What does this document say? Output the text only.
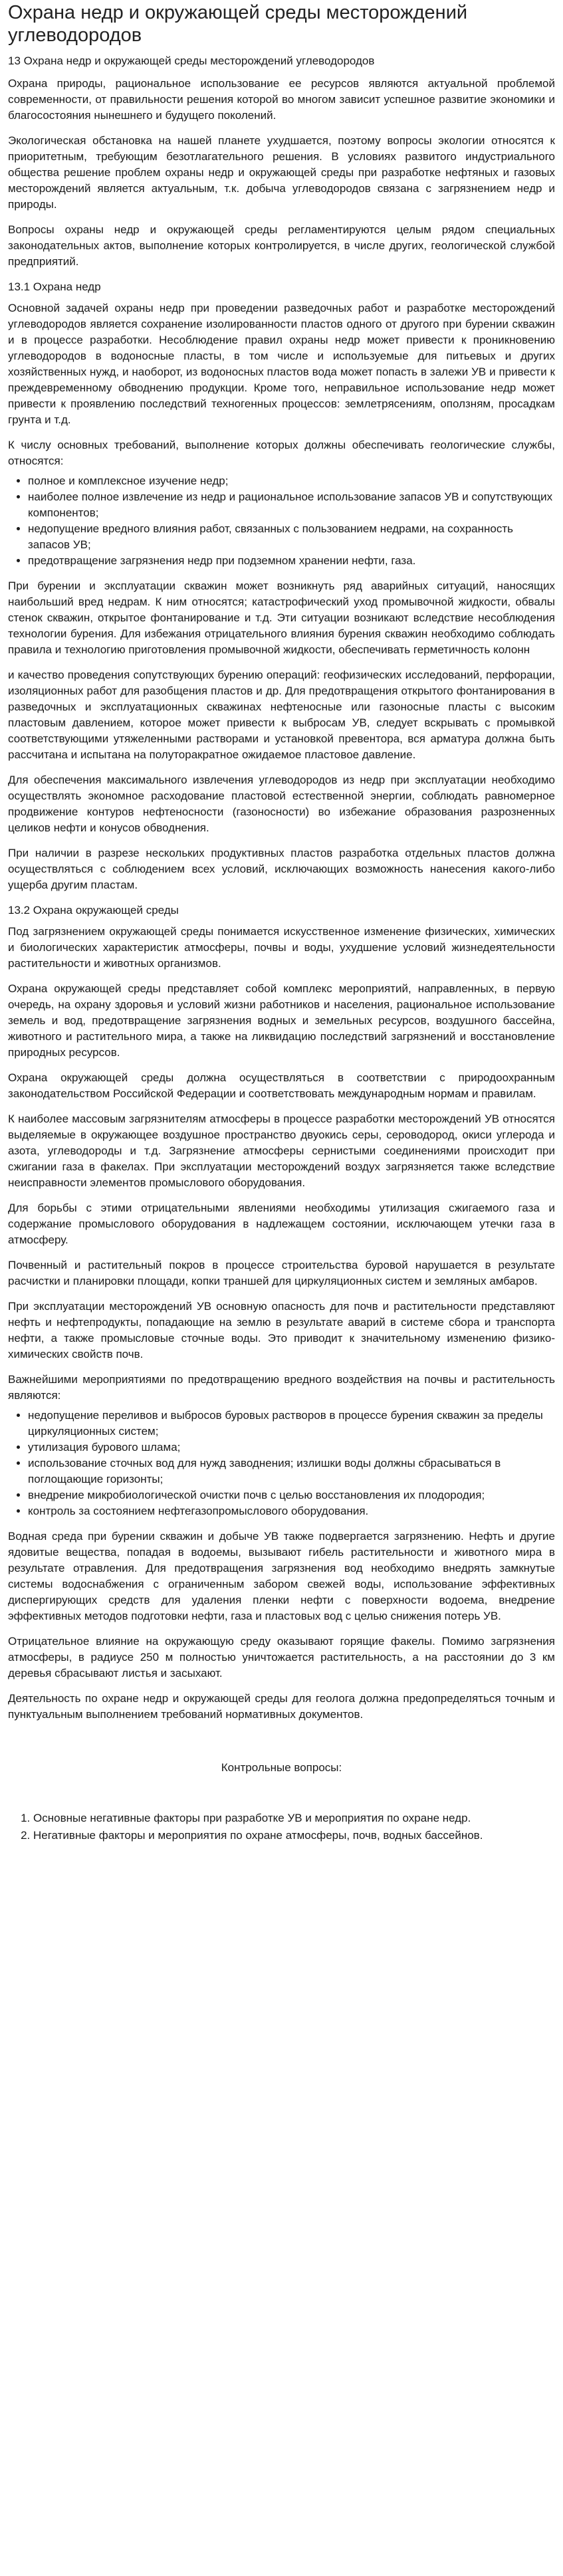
Охрана недр и окружающей среды месторождений углеводородов
13 Охрана недр и окружающей среды месторождений углеводородов

Охрана природы, рациональное использование ее ресурсов являются актуальной проблемой современности, от правильности решения которой во многом зависит успешное развитие экономики и благосостояния нынешнего и будущего поколений.

Экологическая обстановка на нашей планете ухудшается, поэтому вопросы экологии относятся к приоритетным, требующим безотлагательного решения. В условиях развитого индустриального общества решение проблем охраны недр и окружающей среды при разработке нефтяных и газовых месторождений является актуальным, т.к. добыча углеводородов связана с загрязнением недр и природы.

Вопросы охраны недр и окружающей среды регламентируются целым рядом специальных законодательных актов, выполнение которых контролируется, в числе других, геологической службой предприятий.

13.1 Охрана недр

Основной задачей охраны недр при проведении разведочных работ и разработке месторождений углеводородов является сохранение изолированности пластов одного от другого при бурении скважин и в процессе разработки. Несоблюдение правил охраны недр может привести к проникновению углеводородов в водоносные пласты, в том числе и используемые для питьевых и других хозяйственных нужд, и наоборот, из водоносных пластов вода может попасть в залежи УВ и привести к преждевременному обводнению продукции. Кроме того, неправильное использование недр может привести к проявлению последствий техногенных процессов: землетрясениям, оползням, просадкам грунта и т.д.

К числу основных требований, выполнение которых должны обеспечивать геологические службы, относятся:

• полное и комплексное изучение недр;
• наиболее полное извлечение из недр и рациональное использование запасов УВ и сопутствующих компонентов;
• недопущение вредного влияния работ, связанных с пользованием недрами, на сохранность запасов УВ;
• предотвращение загрязнения недр при подземном хранении нефти, газа.

При бурении и эксплуатации скважин может возникнуть ряд аварийных ситуаций, наносящих наибольший вред недрам. К ним относятся; катастрофический уход промывочной жидкости, обвалы стенок скважин, открытое фонтанирование и т.д. Эти ситуации возникают вследствие несоблюдения технологии бурения. Для избежания отрицательного влияния бурения скважин необходимо соблюдать правила и технологию приготовления промывочной жидкости, обеспечивать герметичность колонн

и качество проведения сопутствующих бурению операций: геофизических исследований, перфорации, изоляционных работ для разобщения пластов и др. Для предотвращения открытого фонтанирования в разведочных и эксплуатационных скважинах нефтеносные или газоносные пласты с высоким пластовым давлением, которое может привести к выбросам УВ, следует вскрывать с промывкой соответствующими утяжеленными растворами и установкой превентора, вся арматура должна быть рассчитана и испытана на полуторакратное ожидаемое пластовое давление.

Для обеспечения максимального извлечения углеводородов из недр при эксплуатации необходимо осуществлять экономное расходование пластовой естественной энергии, соблюдать равномерное продвижение контуров нефтеносности (газоносности) во избежание образования разрозненных целиков нефти и конусов обводнения.

При наличии в разрезе нескольких продуктивных пластов разработка отдельных пластов должна осуществляться с соблюдением всех условий, исключающих возможность нанесения какого-либо ущерба другим пластам.

13.2 Охрана окружающей среды

Под загрязнением окружающей среды понимается искусственное изменение физических, химических и биологических характеристик атмосферы, почвы и воды, ухудшение условий жизнедеятельности растительности и животных организмов.

Охрана окружающей среды представляет собой комплекс мероприятий, направленных, в первую очередь, на охрану здоровья и условий жизни работников и населения, рациональное использование земель и вод, предотвращение загрязнения водных и земельных ресурсов, воздушного бассейна, животного и растительного мира, а также на ликвидацию последствий загрязнений и восстановление природных ресурсов.

Охрана окружающей среды должна осуществляться в соответствии с природоохранным законодательством Российской Федерации и соответствовать международным нормам и правилам.

К наиболее массовым загрязнителям атмосферы в процессе разработки месторождений УВ относятся выделяемые в окружающее воздушное пространство двуокись серы, сероводород, окиси углерода и азота, углеводороды и т.д. Загрязнение атмосферы сернистыми соединениями происходит при сжигании газа в факелах. При эксплуатации месторождений воздух загрязняется также вследствие неисправности элементов промыслового оборудования.

Для борьбы с этими отрицательными явлениями необходимы утилизация сжигаемого газа и содержание промыслового оборудования в надлежащем состоянии, исключающем утечки газа в атмосферу.

Почвенный и растительный покров в процессе строительства буровой нарушается в результате расчистки и планировки площади, копки траншей для циркуляционных систем и земляных амбаров.

При эксплуатации месторождений УВ основную опасность для почв и растительности представляют нефть и нефтепродукты, попадающие на землю в результате аварий в системе сбора и транспорта нефти, а также промысловые сточные воды. Это приводит к значительному изменению физико-химических свойств почв.

Важнейшими мероприятиями по предотвращению вредного воздействия на почвы и растительность являются:

• недопущение переливов и выбросов буровых растворов в процессе бурения скважин за пределы циркуляционных систем;
• утилизация бурового шлама;
• использование сточных вод для нужд заводнения; излишки воды должны сбрасываться в поглощающие горизонты;
• внедрение микробиологической очистки почв с целью восстановления их плодородия;
• контроль за состоянием нефтегазопромыслового оборудования.

Водная среда при бурении скважин и добыче УВ также подвергается загрязнению. Нефть и другие ядовитые вещества, попадая в водоемы, вызывают гибель растительности и животного мира в результате отравления. Для предотвращения загрязнения вод необходимо внедрять замкнутые системы водоснабжения с ограниченным забором свежей воды, использование эффективных диспергирующих средств для удаления пленки нефти с поверхности водоема, внедрение эффективных методов подготовки нефти, газа и пластовых вод с целью снижения потерь УВ.

Отрицательное влияние на окружающую среду оказывают горящие факелы. Помимо загрязнения атмосферы, в радиусе 250 м полностью уничтожается растительность, а на расстоянии до 3 км деревья сбрасывают листья и засыхают.

Деятельность по охране недр и окружающей среды для геолога должна предопределяться точным и пунктуальным выполнением требований нормативных документов.

Контрольные вопросы:
1. Основные негативные факторы при разработке УВ и мероприятия по охране недр.
2. Негативные факторы и мероприятия по охране атмосферы, почв, водных бассейнов.
